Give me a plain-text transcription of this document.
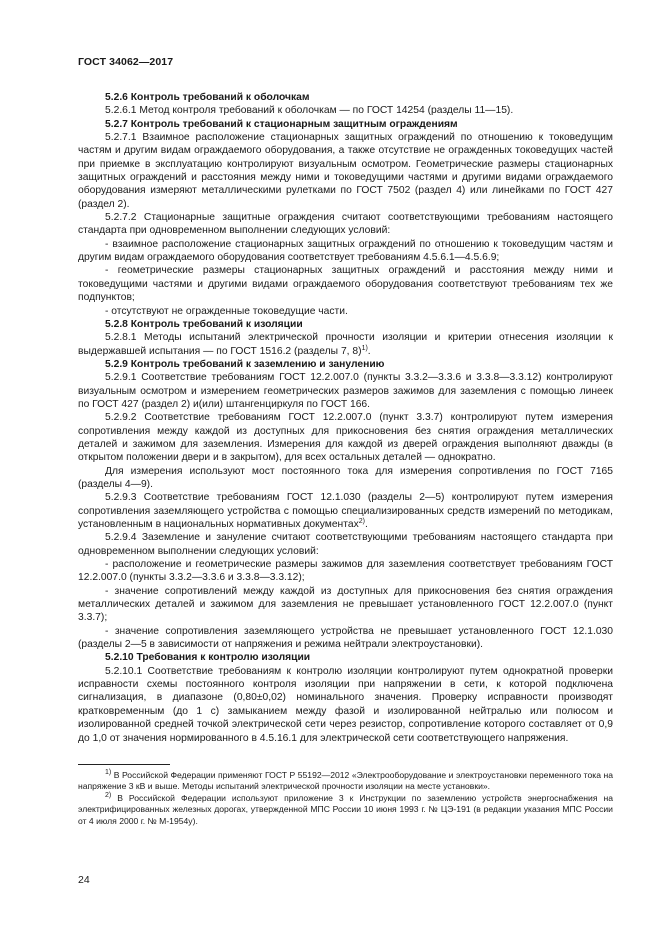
ГОСТ 34062—2017

5.2.6 Контроль требований к оболочкам

5.2.6.1 Метод контроля требований к оболочкам — по ГОСТ 14254 (разделы 11—15).

5.2.7 Контроль требований к стационарным защитным ограждениям

5.2.7.1 Взаимное расположение стационарных защитных ограждений по отношению к токоведущим частям и другим видам ограждаемого оборудования, а также отсутствие не огражденных токоведущих частей при приемке в эксплуатацию контролируют визуальным осмотром. Геометрические размеры стационарных защитных ограждений и расстояния между ними и токоведущими частями и другими видами ограждаемого оборудования измеряют металлическими рулетками по ГОСТ 7502 (раздел 4) или линейками по ГОСТ 427 (раздел 2).

5.2.7.2 Стационарные защитные ограждения считают соответствующими требованиям настоящего стандарта при одновременном выполнении следующих условий:

- взаимное расположение стационарных защитных ограждений по отношению к токоведущим частям и другим видам ограждаемого оборудования соответствует требованиям 4.5.6.1—4.5.6.9;

- геометрические размеры стационарных защитных ограждений и расстояния между ними и токоведущими частями и другими видами ограждаемого оборудования соответствуют требованиям тех же подпунктов;

- отсутствуют не огражденные токоведущие части.

5.2.8 Контроль требований к изоляции

5.2.8.1 Методы испытаний электрической прочности изоляции и критерии отнесения изоляции к выдержавшей испытания — по ГОСТ 1516.2 (разделы 7, 8)$^{1)}$.

5.2.9 Контроль требований к заземлению и занулению

5.2.9.1 Соответствие требованиям ГОСТ 12.2.007.0 (пункты 3.3.2—3.3.6 и 3.3.8—3.3.12) контролируют визуальным осмотром и измерением геометрических размеров зажимов для заземления с помощью линеек по ГОСТ 427 (раздел 2) и(или) штангенциркуля по ГОСТ 166.

5.2.9.2 Соответствие требованиям ГОСТ 12.2.007.0 (пункт 3.3.7) контролируют путем измерения сопротивления между каждой из доступных для прикосновения без снятия ограждения металлических деталей и зажимом для заземления. Измерения для каждой из дверей ограждения выполняют дважды (в открытом положении двери и в закрытом), для всех остальных деталей — однократно.

Для измерения используют мост постоянного тока для измерения сопротивления по ГОСТ 7165 (разделы 4—9).

5.2.9.3 Соответствие требованиям ГОСТ 12.1.030 (разделы 2—5) контролируют путем измерения сопротивления заземляющего устройства с помощью специализированных средств измерений по методикам, установленным в национальных нормативных документах$^{2)}$.

5.2.9.4 Заземление и зануление считают соответствующими требованиям настоящего стандарта при одновременном выполнении следующих условий:

- расположение и геометрические размеры зажимов для заземления соответствует требованиям ГОСТ 12.2.007.0 (пункты 3.3.2—3.3.6 и 3.3.8—3.3.12);

- значение сопротивлений между каждой из доступных для прикосновения без снятия ограждения металлических деталей и зажимом для заземления не превышает установленного ГОСТ 12.2.007.0 (пункт 3.3.7);

- значение сопротивления заземляющего устройства не превышает установленного ГОСТ 12.1.030 (разделы 2—5 в зависимости от напряжения и режима нейтрали электроустановки).

5.2.10 Требования к контролю изоляции

5.2.10.1 Соответствие требованиям к контролю изоляции контролируют путем однократной проверки исправности схемы постоянного контроля изоляции при напряжении в сети, к которой подключена сигнализация, в диапазоне (0,80±0,02) номинального значения. Проверку исправности производят кратковременным (до 1 с) замыканием между фазой и изолированной нейтралью или полюсом и изолированной средней точкой электрической сети через резистор, сопротивление которого составляет от 0,9 до 1,0 от значения нормированного в 4.5.16.1 для электрической сети соответствующего напряжения.

$^{1)}$ В Российской Федерации применяют ГОСТ Р 55192—2012 «Электрооборудование и электроустановки переменного тока на напряжение 3 кВ и выше. Методы испытаний электрической прочности изоляции на месте установки».

$^{2)}$ В Российской Федерации используют приложение 3 к Инструкции по заземлению устройств энергоснабжения на электрифицированных железных дорогах, утвержденной МПС России 10 июня 1993 г. № ЦЭ-191 (в редакции указания МПС России от 4 июля 2000 г. № М-1954у).

24
